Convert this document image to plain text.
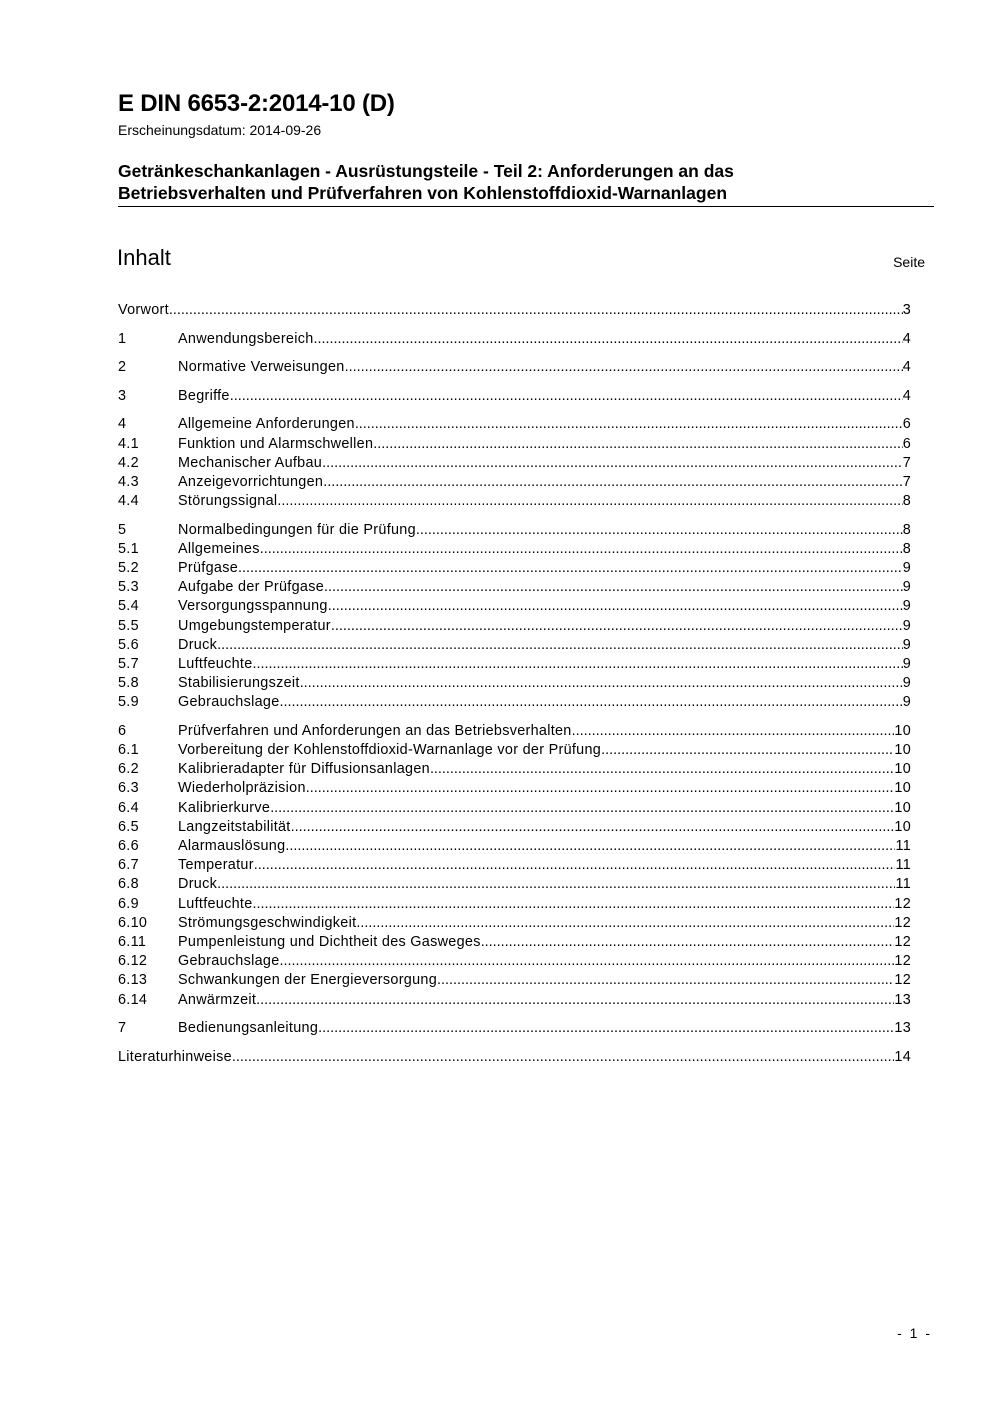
E DIN 6653-2:2014-10 (D)
Erscheinungsdatum: 2014-09-26
Getränkeschankanlagen - Ausrüstungsteile - Teil 2: Anforderungen an das
Betriebsverhalten und Prüfverfahren von Kohlenstoffdioxid-Warnanlagen
Inhalt	Seite
Vorwort .....	3
1	Anwendungsbereich .....	4
2	Normative Verweisungen .....	4
3	Begriffe .....	4
4	Allgemeine Anforderungen .....	6
4.1	Funktion und Alarmschwellen .....	6
4.2	Mechanischer Aufbau .....	7
4.3	Anzeigevorrichtungen .....	7
4.4	Störungssignal .....	8
5	Normalbedingungen für die Prüfung .....	8
5.1	Allgemeines .....	8
5.2	Prüfgase .....	9
5.3	Aufgabe der Prüfgase .....	9
5.4	Versorgungsspannung .....	9
5.5	Umgebungstemperatur .....	9
5.6	Druck .....	9
5.7	Luftfeuchte .....	9
5.8	Stabilisierungszeit .....	9
5.9	Gebrauchslage .....	9
6	Prüfverfahren und Anforderungen an das Betriebsverhalten .....	10
6.1	Vorbereitung der Kohlenstoffdioxid-Warnanlage vor der Prüfung .....	10
6.2	Kalibrieradapter für Diffusionsanlagen .....	10
6.3	Wiederholpräzision .....	10
6.4	Kalibrierkurve .....	10
6.5	Langzeitstabilität .....	10
6.6	Alarmauslösung .....	11
6.7	Temperatur .....	11
6.8	Druck .....	11
6.9	Luftfeuchte .....	12
6.10	Strömungsgeschwindigkeit .....	12
6.11	Pumpenleistung und Dichtheit des Gasweges .....	12
6.12	Gebrauchslage .....	12
6.13	Schwankungen der Energieversorgung .....	12
6.14	Anwärmzeit .....	13
7	Bedienungsanleitung .....	13
Literaturhinweise .....	14
- 1 -
